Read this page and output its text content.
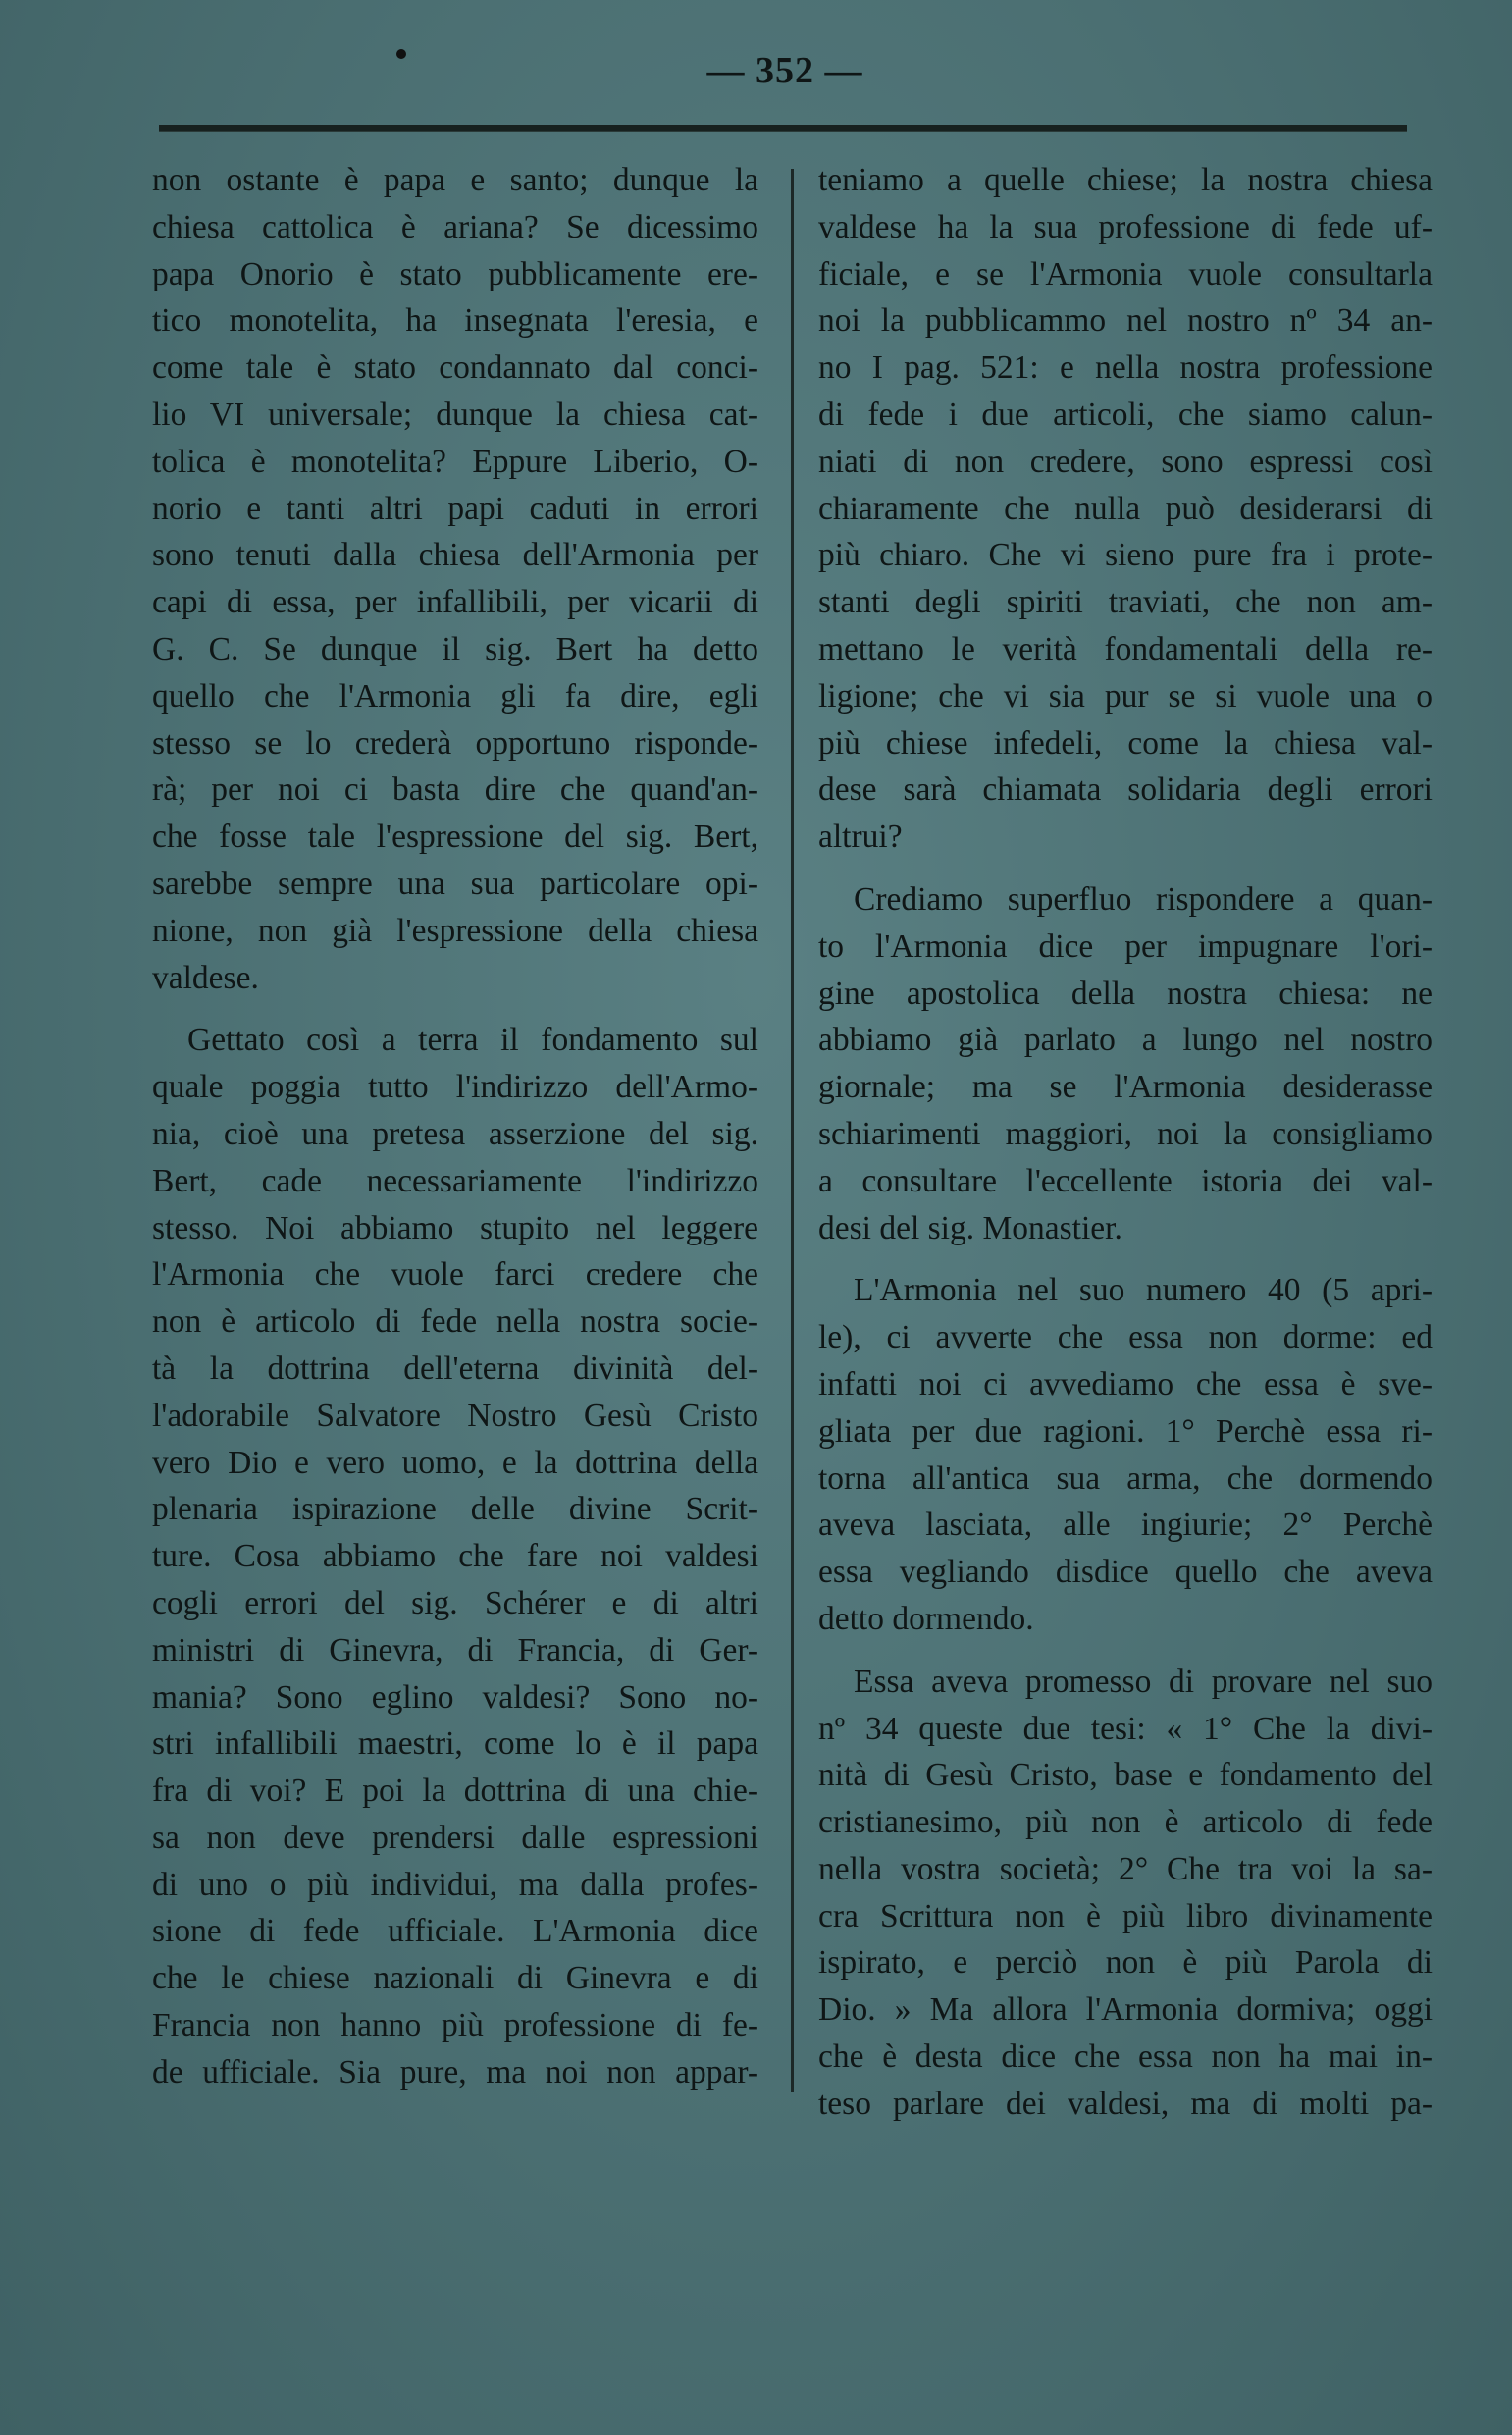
— 352 —

non ostante è papa e santo; dunque la
chiesa cattolica è ariana? Se dicessimo
papa Onorio è stato pubblicamente ere-
tico monotelita, ha insegnata l'eresia, e
come tale è stato condannato dal conci-
lio VI universale; dunque la chiesa cat-
tolica è monotelita? Eppure Liberio, O-
norio e tanti altri papi caduti in errori
sono tenuti dalla chiesa dell'Armonia per
capi di essa, per infallibili, per vicarii di
G. C. Se dunque il sig. Bert ha detto
quello che l'Armonia gli fa dire, egli
stesso se lo crederà opportuno risponde-
rà; per noi ci basta dire che quand'an-
che fosse tale l'espressione del sig. Bert,
sarebbe sempre una sua particolare opi-
nione, non già l'espressione della chiesa
valdese.

Gettato così a terra il fondamento sul
quale poggia tutto l'indirizzo dell'Armo-
nia, cioè una pretesa asserzione del sig.
Bert, cade necessariamente l'indirizzo
stesso. Noi abbiamo stupito nel leggere
l'Armonia che vuole farci credere che
non è articolo di fede nella nostra socie-
tà la dottrina dell'eterna divinità del-
l'adorabile Salvatore Nostro Gesù Cristo
vero Dio e vero uomo, e la dottrina della
plenaria ispirazione delle divine Scrit-
ture. Cosa abbiamo che fare noi valdesi
cogli errori del sig. Schérer e di altri
ministri di Ginevra, di Francia, di Ger-
mania? Sono eglino valdesi? Sono no-
stri infallibili maestri, come lo è il papa
fra di voi? E poi la dottrina di una chie-
sa non deve prendersi dalle espressioni
di uno o più individui, ma dalla profes-
sione di fede ufficiale. L'Armonia dice
che le chiese nazionali di Ginevra e di
Francia non hanno più professione di fe-
de ufficiale. Sia pure, ma noi non appar-

teniamo a quelle chiese; la nostra chiesa
valdese ha la sua professione di fede uf-
ficiale, e se l'Armonia vuole consultarla
noi la pubblicammo nel nostro nº 34 an-
no I pag. 521: e nella nostra professione
di fede i due articoli, che siamo calun-
niati di non credere, sono espressi così
chiaramente che nulla può desiderarsi di
più chiaro. Che vi sieno pure fra i prote-
stanti degli spiriti traviati, che non am-
mettano le verità fondamentali della re-
ligione; che vi sia pur se si vuole una o
più chiese infedeli, come la chiesa val-
dese sarà chiamata solidaria degli errori
altrui?

Crediamo superfluo rispondere a quan-
to l'Armonia dice per impugnare l'ori-
gine apostolica della nostra chiesa: ne
abbiamo già parlato a lungo nel nostro
giornale; ma se l'Armonia desiderasse
schiarimenti maggiori, noi la consigliamo
a consultare l'eccellente istoria dei val-
desi del sig. Monastier.

L'Armonia nel suo numero 40 (5 apri-
le), ci avverte che essa non dorme: ed
infatti noi ci avvediamo che essa è sve-
gliata per due ragioni. 1° Perchè essa ri-
torna all'antica sua arma, che dormendo
aveva lasciata, alle ingiurie; 2° Perchè
essa vegliando disdice quello che aveva
detto dormendo.

Essa aveva promesso di provare nel suo
nº 34 queste due tesi: « 1° Che la divi-
nità di Gesù Cristo, base e fondamento del
cristianesimo, più non è articolo di fede
nella vostra società; 2° Che tra voi la sa-
cra Scrittura non è più libro divinamente
ispirato, e perciò non è più Parola di
Dio. » Ma allora l'Armonia dormiva; oggi
che è desta dice che essa non ha mai in-
teso parlare dei valdesi, ma di molti pa-
